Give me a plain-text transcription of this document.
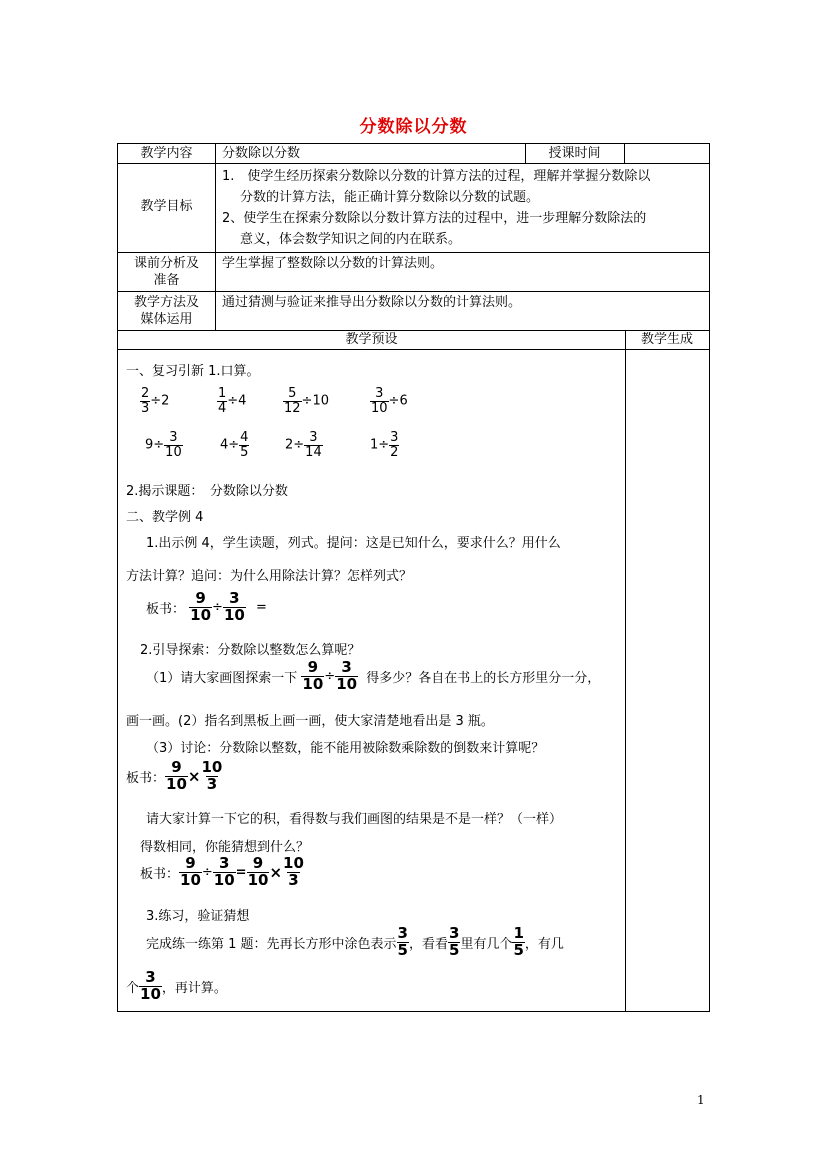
分数除以分数
教学内容	分数除以分数	授课时间
教学目标
1.　使学生经历探索分数除以分数的计算方法的过程，理解并掌握分数除以
分数的计算方法，能正确计算分数除以分数的试题。
2、使学生在探索分数除以分数计算方法的过程中，进一步理解分数除法的
意义，体会数学知识之间的内在联系。
课前分析及
准备
学生掌握了整数除以分数的计算法则。
教学方法及
媒体运用
通过猜测与验证来推导出分数除以分数的计算法则。
教学预设	教学生成
一、复习引新 1.口算。
$\frac{2}{3} \div 2$	$\frac{1}{4} \div 4$	$\frac{5}{12} \div 10$	$\frac{3}{10} \div 6$
$9\div \frac{3}{10}$	$4\div \frac{4}{5}$	$2\div \frac{3}{14}$	$1\div \frac{3}{2}$
2.揭示课题：　分数除以分数
二、教学例 4
1.出示例 4，学生读题，列式。提问：这是已知什么，要求什么？用什么
方法计算？追问：为什么用除法计算？怎样列式？
板书： $\frac{9}{10} \div \frac{3}{10}$ =
2.引导探索：分数除以整数怎么算呢？
（1）请大家画图探索一下 $\frac{9}{10} \div \frac{3}{10}$ 得多少？各自在书上的长方形里分一分，
画一画。(2）指名到黑板上画一画，使大家清楚地看出是 3 瓶。
（3）讨论：分数除以整数，能不能用被除数乘除数的倒数来计算呢？
板书： $\frac{9}{10} \times \frac{10}{3}$
请大家计算一下它的积，看得数与我们画图的结果是不是一样？（一样）
得数相同，你能猜想到什么？
板书： $\frac{9}{10} \div \frac{3}{10} = \frac{9}{10} \times \frac{10}{3}$
3.练习，验证猜想
完成练一练第 1 题：先再长方形中涂色表示 $\frac{3}{5}$ ，看看 $\frac{3}{5}$ 里有几个 $\frac{1}{5}$ ，有几
个 $\frac{3}{10}$ ，再计算。
1
